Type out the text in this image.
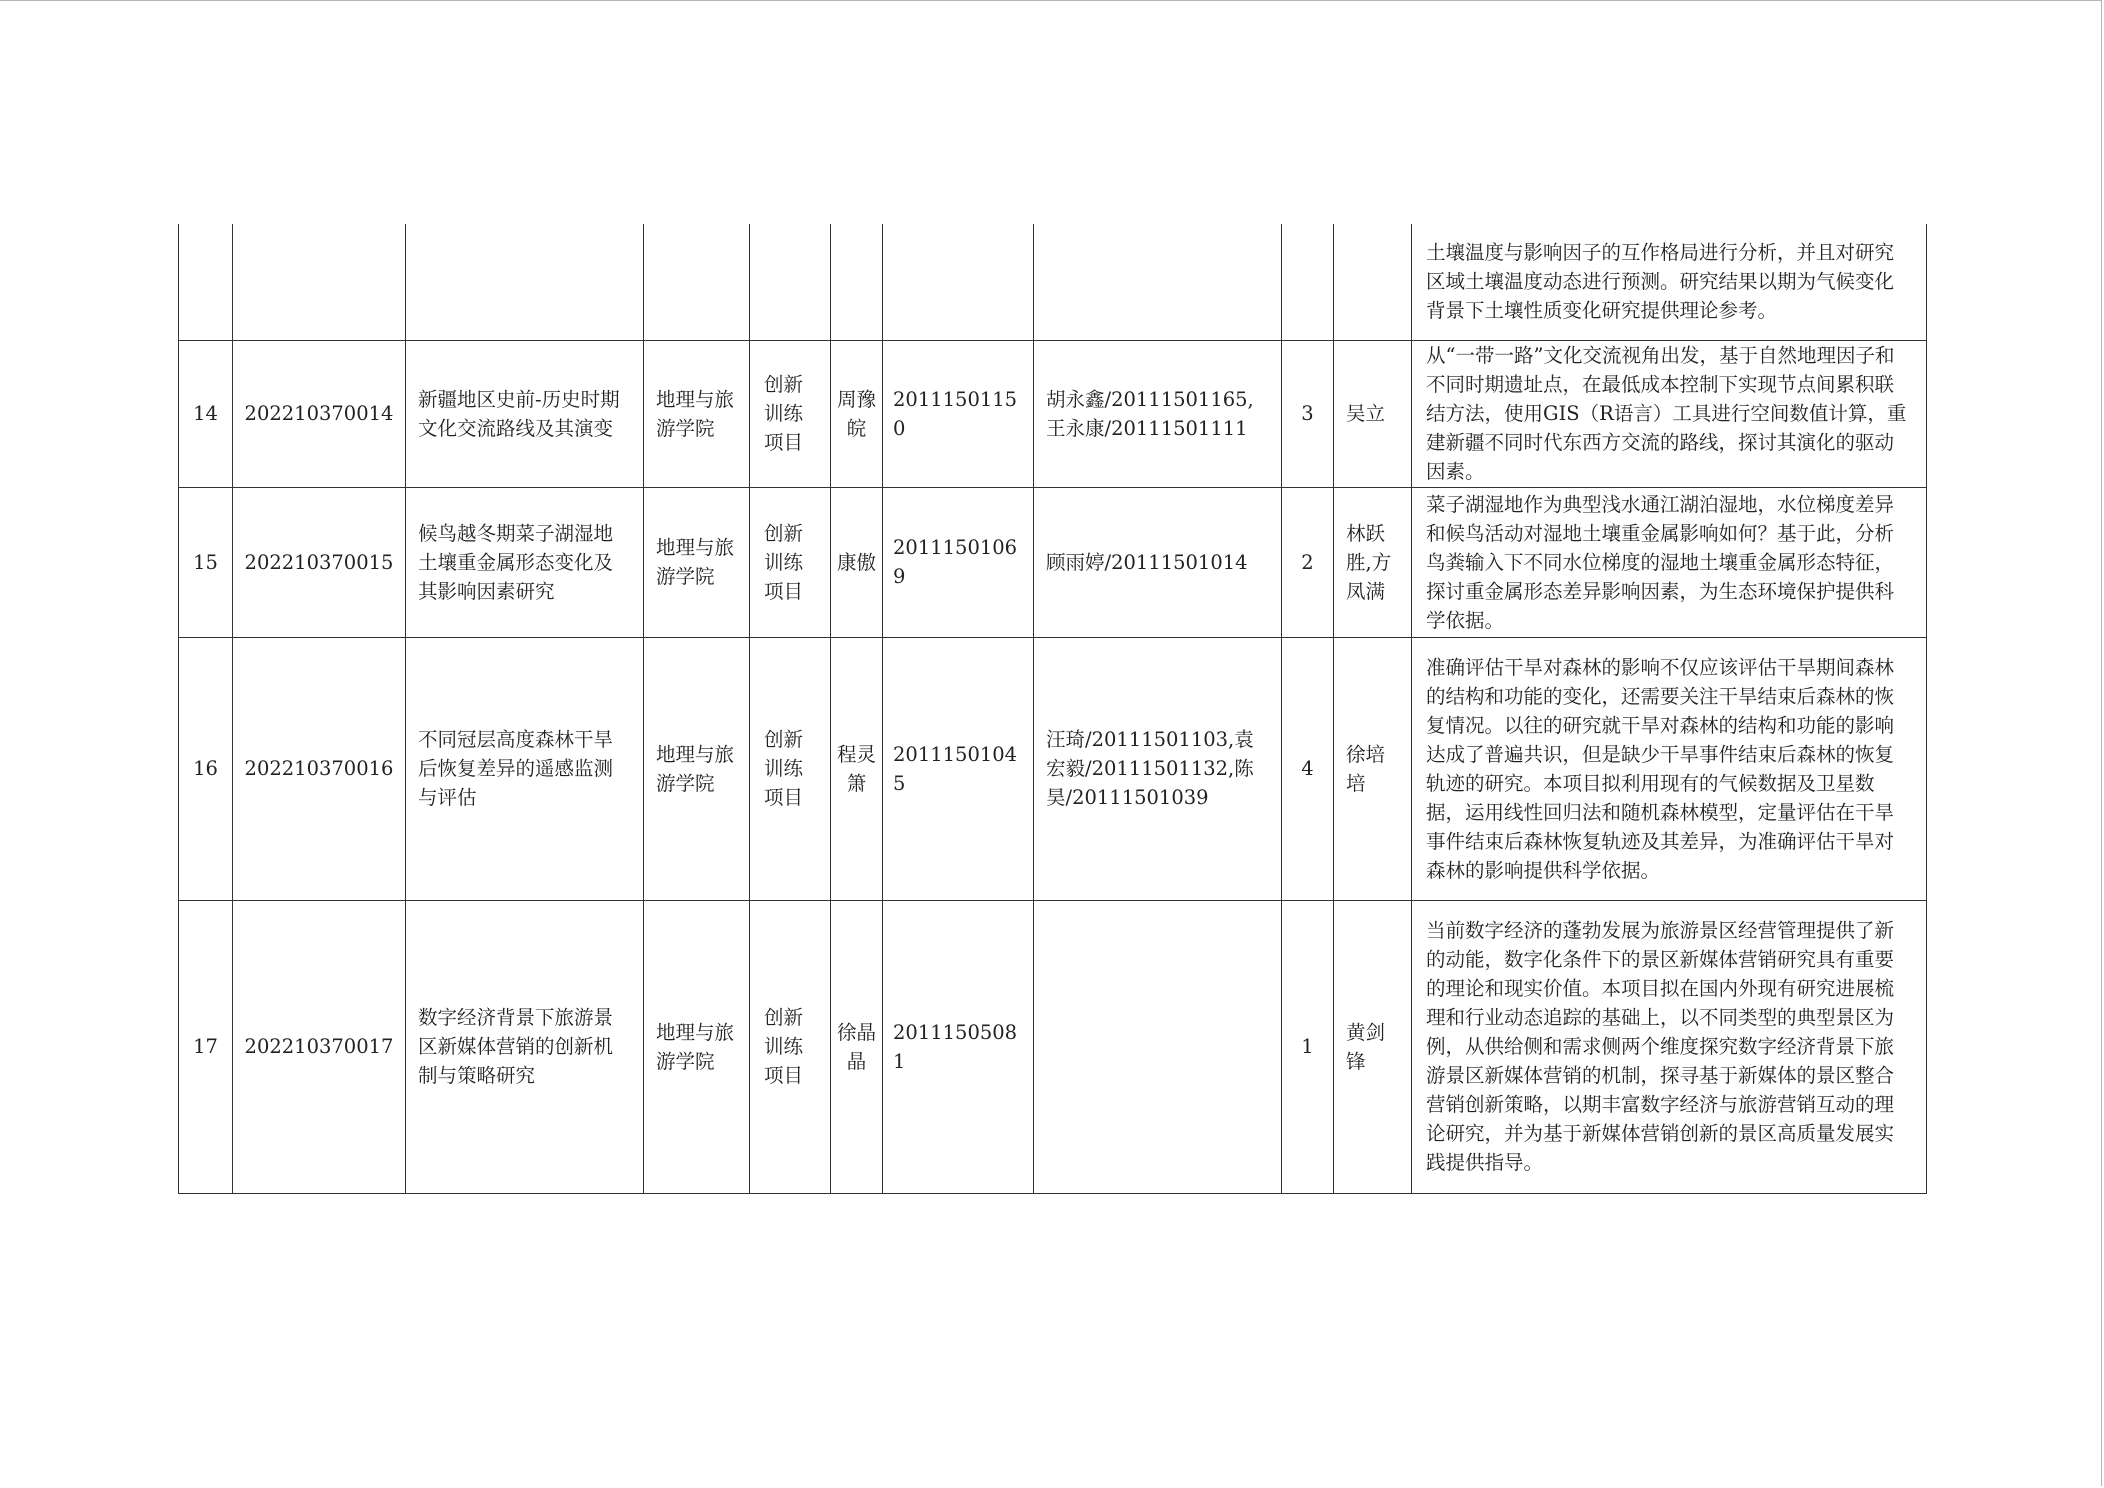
										土壤温度与影响因子的互作格局进行分析，并且对研究区域土壤温度动态进行预测。研究结果以期为气候变化背景下土壤性质变化研究提供理论参考。
14	202210370014	新疆地区史前-历史时期文化交流路线及其演变	地理与旅游学院	创新训练项目	周豫皖	20111501150	胡永鑫/20111501165,王永康/20111501111	3	吴立	从“一带一路”文化交流视角出发，基于自然地理因子和不同时期遗址点，在最低成本控制下实现节点间累积联结方法，使用GIS（R语言）工具进行空间数值计算，重建新疆不同时代东西方交流的路线，探讨其演化的驱动因素。
15	202210370015	候鸟越冬期菜子湖湿地土壤重金属形态变化及其影响因素研究	地理与旅游学院	创新训练项目	康傲	20111501069	顾雨婷/20111501014	2	林跃胜,方凤满	菜子湖湿地作为典型浅水通江湖泊湿地，水位梯度差异和候鸟活动对湿地土壤重金属影响如何？基于此，分析鸟粪输入下不同水位梯度的湿地土壤重金属形态特征，探讨重金属形态差异影响因素，为生态环境保护提供科学依据。
16	202210370016	不同冠层高度森林干旱后恢复差异的遥感监测与评估	地理与旅游学院	创新训练项目	程灵箫	20111501045	汪琦/20111501103,袁宏毅/20111501132,陈昊/20111501039	4	徐培培	准确评估干旱对森林的影响不仅应该评估干旱期间森林的结构和功能的变化，还需要关注干旱结束后森林的恢复情况。以往的研究就干旱对森林的结构和功能的影响达成了普遍共识，但是缺少干旱事件结束后森林的恢复轨迹的研究。本项目拟利用现有的气候数据及卫星数据，运用线性回归法和随机森林模型，定量评估在干旱事件结束后森林恢复轨迹及其差异，为准确评估干旱对森林的影响提供科学依据。
17	202210370017	数字经济背景下旅游景区新媒体营销的创新机制与策略研究	地理与旅游学院	创新训练项目	徐晶晶	20111505081		1	黄剑锋	当前数字经济的蓬勃发展为旅游景区经营管理提供了新的动能，数字化条件下的景区新媒体营销研究具有重要的理论和现实价值。本项目拟在国内外现有研究进展梳理和行业动态追踪的基础上，以不同类型的典型景区为例，从供给侧和需求侧两个维度探究数字经济背景下旅游景区新媒体营销的机制，探寻基于新媒体的景区整合营销创新策略，以期丰富数字经济与旅游营销互动的理论研究，并为基于新媒体营销创新的景区高质量发展实践提供指导。
